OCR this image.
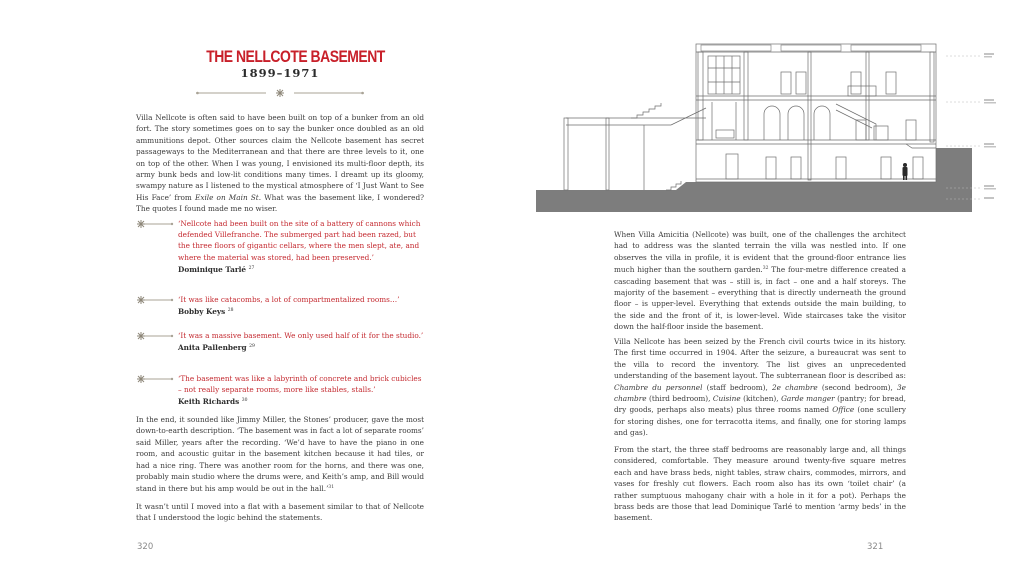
THE NELLCOTE BASEMENT
1899–1971

Villa Nellcote is often said to have been built on top of a bunker from an old fort. The story sometimes goes on to say the bunker once doubled as an old ammunitions depot. Other sources claim the Nellcote basement has secret passageways to the Mediterranean and that there are three levels to it, one on top of the other. When I was young, I envisioned its multi-floor depth, its army bunk beds and low-lit conditions many times. I dreamt up its gloomy, swampy nature as I listened to the mystical atmosphere of ‘I Just Want to See His Face’ from Exile on Main St. What was the basement like, I wondered? The quotes I found made me no wiser.

‘Nellcote had been built on the site of a battery of cannons which defended Villefranche. The submerged part had been razed, but the three floors of gigantic cellars, where the men slept, ate, and where the material was stored, had been preserved.’
Dominique Tarlé $^{27}$
‘It was like catacombs, a lot of compartmentalized rooms…’
Bobby Keys $^{28}$
‘It was a massive basement. We only used half of it for the studio.’
Anita Pallenberg $^{29}$
‘The basement was like a labyrinth of concrete and brick cubicles – not really separate rooms, more like stables, stalls.’
Keith Richards $^{30}$

In the end, it sounded like Jimmy Miller, the Stones’ producer, gave the most down-to-earth description. ‘The basement was in fact a lot of separate rooms’ said Miller, years after the recording. ‘We’d have to have the piano in one room, and acoustic guitar in the basement kitchen because it had tiles, or had a nice ring. There was another room for the horns, and there was one, probably main studio where the drums were, and Keith’s amp, and Bill would stand in there but his amp would be out in the hall.’$^{31}$

It wasn’t until I moved into a flat with a basement similar to that of Nellcote that I understood the logic behind the statements.

320

When Villa Amicitia (Nellcote) was built, one of the challenges the architect had to address was the slanted terrain the villa was nestled into. If one observes the villa in profile, it is evident that the ground-floor entrance lies much higher than the southern garden.$^{32}$ The four-metre difference created a cascading basement that was – still is, in fact – one and a half storeys. The majority of the basement – everything that is directly underneath the ground floor – is upper-level. Everything that extends outside the main building, to the side and the front of it, is lower-level. Wide staircases take the visitor down the half-floor inside the basement.

Villa Nellcote has been seized by the French civil courts twice in its history. The first time occurred in 1904. After the seizure, a bureaucrat was sent to the villa to record the inventory. The list gives an unprecedented understanding of the basement layout. The subterranean floor is described as: Chambre du personnel (staff bedroom), 2e chambre (second bedroom), 3e chambre (third bedroom), Cuisine (kitchen), Garde manger (pantry; for bread, dry goods, perhaps also meats) plus three rooms named Office (one scullery for storing dishes, one for terracotta items, and finally, one for storing lamps and gas).

From the start, the three staff bedrooms are reasonably large and, all things considered, comfortable. They measure around twenty-five square metres each and have brass beds, night tables, straw chairs, commodes, mirrors, and vases for freshly cut flowers. Each room also has its own ‘toilet chair’ (a rather sumptuous mahogany chair with a hole in it for a pot). Perhaps the brass beds are those that lead Dominique Tarlé to mention ‘army beds’ in the basement.

321
